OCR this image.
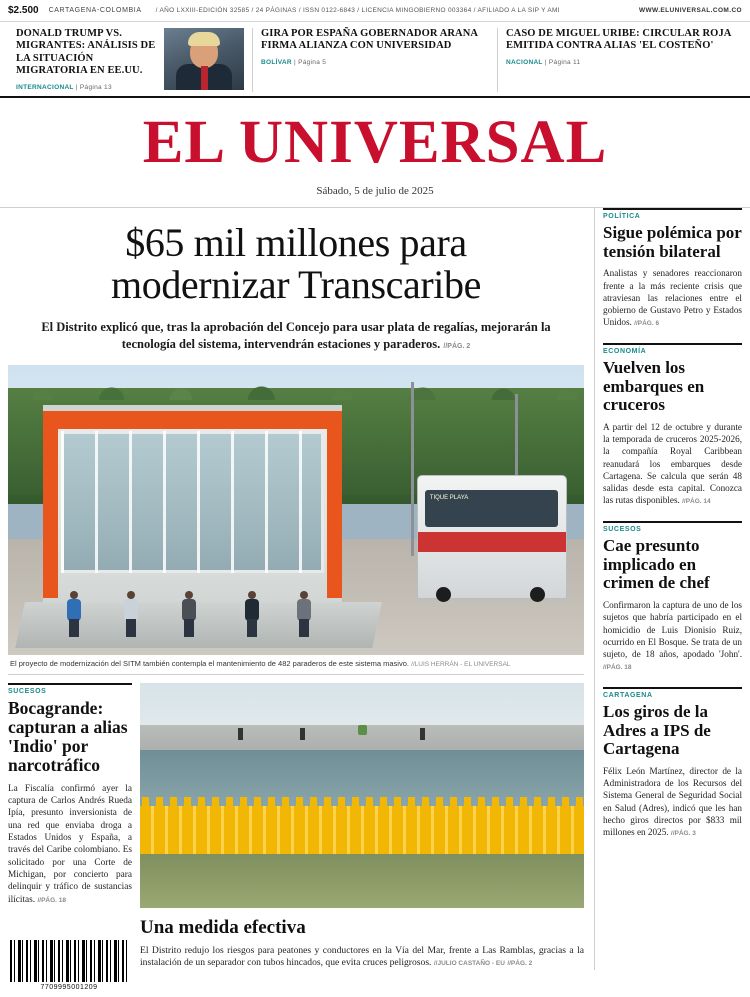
$2.500 CARTAGENA-COLOMBIA / AÑO LXXIII-EDICIÓN 32585 / 24 PÁGINAS / ISSN 0122-6843 / LICENCIA MINGOBIERNO 003364 / AFILIADO A LA SIP Y AMI	WWW.ELUNIVERSAL.COM.CO
DONALD TRUMP VS. MIGRANTES: ANÁLISIS DE LA SITUACIÓN MIGRATORIA EN EE.UU.
INTERNACIONAL | Página 13
GIRA POR ESPAÑA GOBERNADOR ARANA FIRMA ALIANZA CON UNIVERSIDAD
BOLÍVAR | Página 5
CASO DE MIGUEL URIBE: CIRCULAR ROJA EMITIDA CONTRA ALIAS 'EL COSTEÑO'
NACIONAL | Página 11
EL UNIVERSAL
Sábado, 5 de julio de 2025
$65 mil millones para
modernizar Transcaribe
El Distrito explicó que, tras la aprobación del Concejo para usar plata de regalías, mejorarán la tecnología del sistema, intervendrán estaciones y paraderos. //PÁG. 2
TIQUE PLAYA
El proyecto de modernización del SITM también contempla el mantenimiento de 482 paraderos de este sistema masivo. //LUIS HERRÁN - EL UNIVERSAL
SUCESOS
Bocagrande: capturan a alias 'Indio' por narcotráfico

La Fiscalía confirmó ayer la captura de Carlos Andrés Rueda Ipía, presunto inversionista de una red que enviaba droga a Estados Unidos y España, a través del Caribe colombiano. Es solicitado por una Corte de Michigan, por concierto para delinquir y tráfico de sustancias ilícitas. //PÁG. 18

Una medida efectiva

El Distrito redujo los riesgos para peatones y conductores en la Vía del Mar, frente a Las Ramblas, gracias a la instalación de un separador con tubos hincados, que evita cruces peligrosos. //JULIO CASTAÑO - EU //PÁG. 2

POLÍTICA
Sigue polémica por tensión bilateral

Analistas y senadores reaccionaron frente a la más reciente crisis que atraviesan las relaciones entre el gobierno de Gustavo Petro y Estados Unidos. //PÁG. 6

ECONOMÍA
Vuelven los embarques en cruceros

A partir del 12 de octubre y durante la temporada de cruceros 2025-2026, la compañía Royal Caribbean reanudará los embarques desde Cartagena. Se calcula que serán 48 salidas desde esta capital. Conozca las rutas disponibles. //PÁG. 14

SUCESOS
Cae presunto implicado en crimen de chef

Confirmaron la captura de uno de los sujetos que habría participado en el homicidio de Luis Dionisio Ruiz, ocurrido en El Bosque. Se trata de un sujeto, de 18 años, apodado 'John'. //PÁG. 18

CARTAGENA
Los giros de la Adres a IPS de Cartagena

Félix León Martínez, director de la Administradora de los Recursos del Sistema General de Seguridad Social en Salud (Adres), indicó que les han hecho giros directos por $833 mil millones en 2025. //PÁG. 3

7709995001209
